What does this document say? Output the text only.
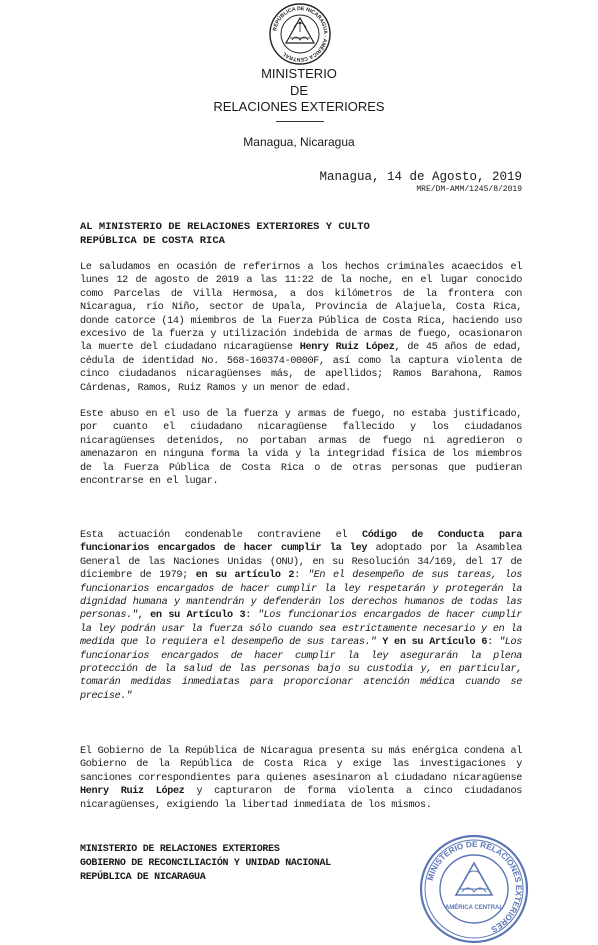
REPÚBLICA DE NICARAGUA · AMÉRICA CENTRAL
MINISTERIO
DE
RELACIONES EXTERIORES
Managua, Nicaragua
Managua, 14 de Agosto, 2019
MRE/DM-AMM/1245/8/2019
AL MINISTERIO DE RELACIONES EXTERIORES Y CULTO
REPÚBLICA DE COSTA RICA

Le saludamos en ocasión de referirnos a los hechos criminales acaecidos el lunes 12 de agosto de 2019 a las 11:22 de la noche, en el lugar conocido como Parcelas de Villa Hermosa, a dos kilómetros de la frontera con Nicaragua, río Niño, sector de Upala, Provincia de Alajuela, Costa Rica, donde catorce (14) miembros de la Fuerza Pública de Costa Rica, haciendo uso excesivo de la fuerza y utilización indebida de armas de fuego, ocasionaron la muerte del ciudadano nicaragüense Henry Ruiz López, de 45 años de edad, cédula de identidad No. 568-160374-0000F, así como la captura violenta de cinco ciudadanos nicaragüenses más, de apellidos; Ramos Barahona, Ramos Cárdenas, Ramos, Ruiz Ramos y un menor de edad.

Este abuso en el uso de la fuerza y armas de fuego, no estaba justificado, por cuanto el ciudadano nicaragüense fallecido y los ciudadanos nicaragüenses detenidos, no portaban armas de fuego ni agredieron o amenazaron en ninguna forma la vida y la integridad física de los miembros de la Fuerza Pública de Costa Rica o de otras personas que pudieran encontrarse en el lugar.

Esta actuación condenable contraviene el Código de Conducta para funcionarios encargados de hacer cumplir la ley adoptado por la Asamblea General de las Naciones Unidas (ONU), en su Resolución 34/169, del 17 de diciembre de 1979; en su artículo 2: "En el desempeño de sus tareas, los funcionarios encargados de hacer cumplir la ley respetarán y protegerán la dignidad humana y mantendrán y defenderán los derechos humanos de todas las personas.", en su Artículo 3: "Los funcionarios encargados de hacer cumplir la ley podrán usar la fuerza sólo cuando sea estrictamente necesario y en la medida que lo requiera el desempeño de sus tareas." Y en su Artículo 6: "Los funcionarios encargados de hacer cumplir la ley asegurarán la plena protección de la salud de las personas bajo su custodia y, en particular, tomarán medidas inmediatas para proporcionar atención médica cuando se precise."

El Gobierno de la República de Nicaragua presenta su más enérgica condena al Gobierno de la República de Costa Rica y exige las investigaciones y sanciones correspondientes para quienes asesinaron al ciudadano nicaragüense Henry Ruiz López y capturaron de forma violenta a cinco ciudadanos nicaragüenses, exigiendo la libertad inmediata de los mismos.

MINISTERIO DE RELACIONES EXTERIORES
GOBIERNO DE RECONCILIACIÓN Y UNIDAD NACIONAL
REPÚBLICA DE NICARAGUA	MINISTERIO DE RELACIONES EXTERIORES
AMÉRICA CENTRAL
